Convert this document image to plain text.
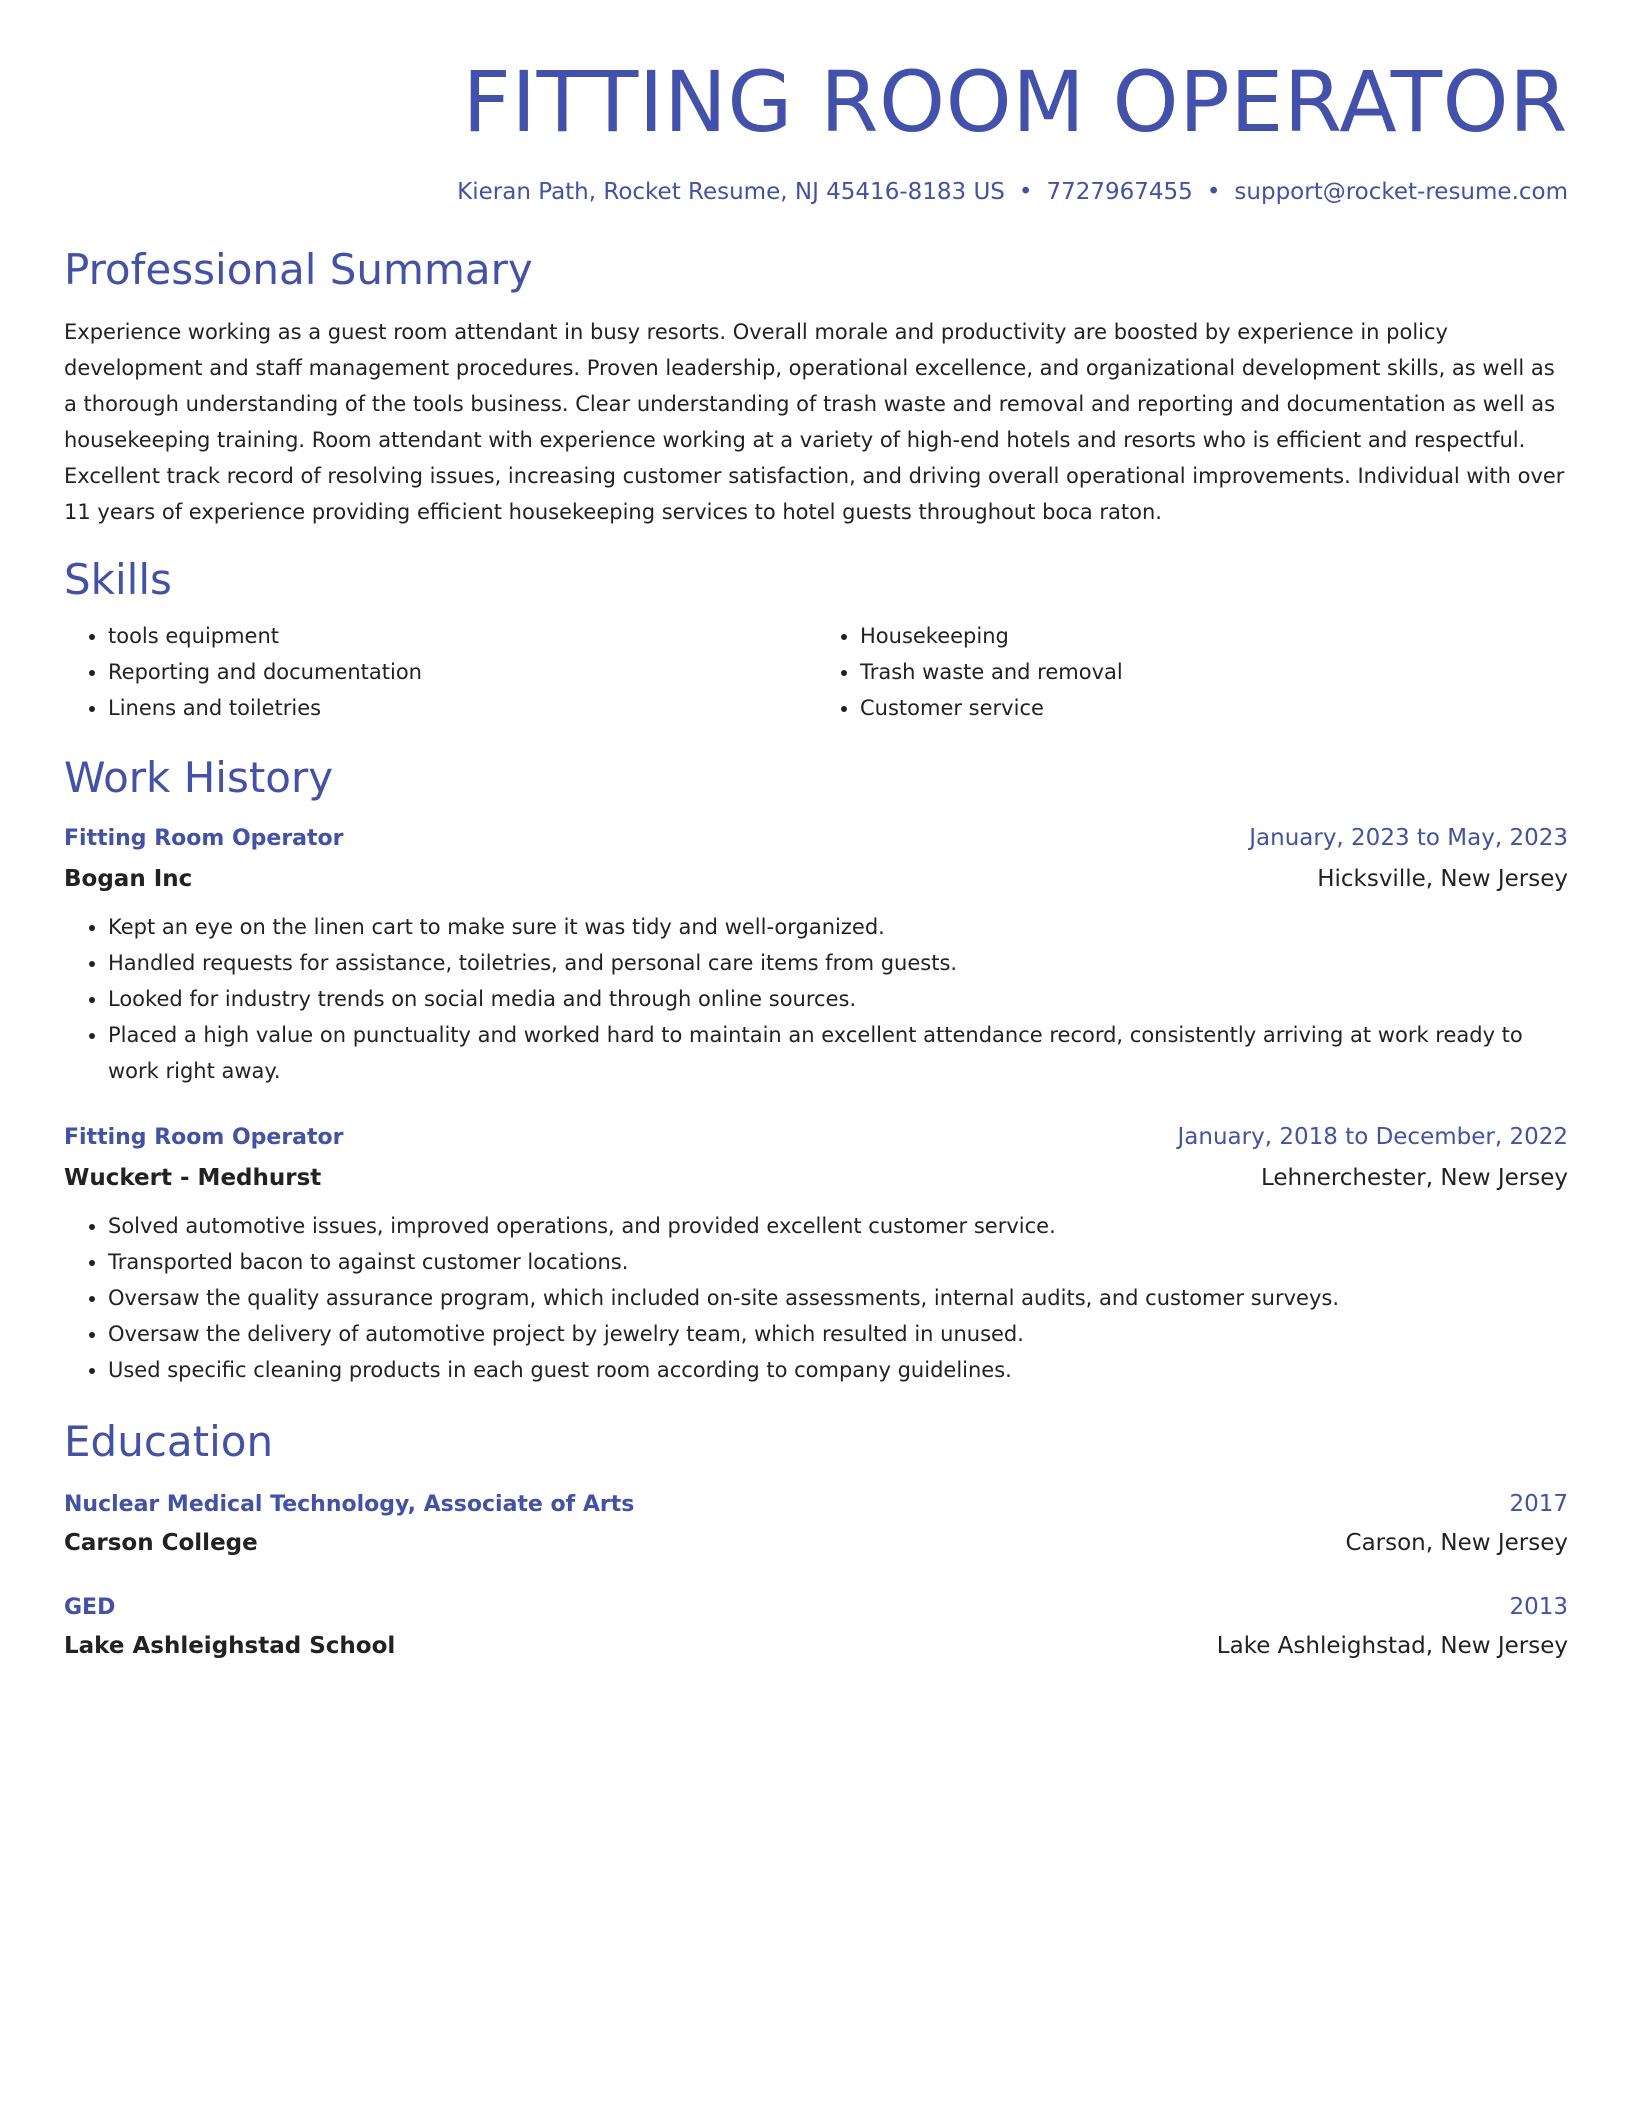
FITTING ROOM OPERATOR
Kieran Path, Rocket Resume, NJ 45416-8183 US • 7727967455 • support@rocket-resume.com
Professional Summary

Experience working as a guest room attendant in busy resorts. Overall morale and productivity are boosted by experience in policy development and staff management procedures. Proven leadership, operational excellence, and organizational development skills, as well as a thorough understanding of the tools business. Clear understanding of trash waste and removal and reporting and documentation as well as housekeeping training. Room attendant with experience working at a variety of high-end hotels and resorts who is efficient and respectful. Excellent track record of resolving issues, increasing customer satisfaction, and driving overall operational improvements. Individual with over 11 years of experience providing efficient housekeeping services to hotel guests throughout boca raton.

Skills
• tools equipment
• Reporting and documentation
• Linens and toiletries
• Housekeeping
• Trash waste and removal
• Customer service
Work History
Fitting Room Operator	January, 2023 to May, 2023
Bogan Inc	Hicksville, New Jersey
• Kept an eye on the linen cart to make sure it was tidy and well-organized.
• Handled requests for assistance, toiletries, and personal care items from guests.
• Looked for industry trends on social media and through online sources.
• Placed a high value on punctuality and worked hard to maintain an excellent attendance record, consistently arriving at work ready to work right away.
Fitting Room Operator	January, 2018 to December, 2022
Wuckert - Medhurst	Lehnerchester, New Jersey
• Solved automotive issues, improved operations, and provided excellent customer service.
• Transported bacon to against customer locations.
• Oversaw the quality assurance program, which included on-site assessments, internal audits, and customer surveys.
• Oversaw the delivery of automotive project by jewelry team, which resulted in unused.
• Used specific cleaning products in each guest room according to company guidelines.
Education
Nuclear Medical Technology, Associate of Arts	2017
Carson College	Carson, New Jersey
GED	2013
Lake Ashleighstad School	Lake Ashleighstad, New Jersey
